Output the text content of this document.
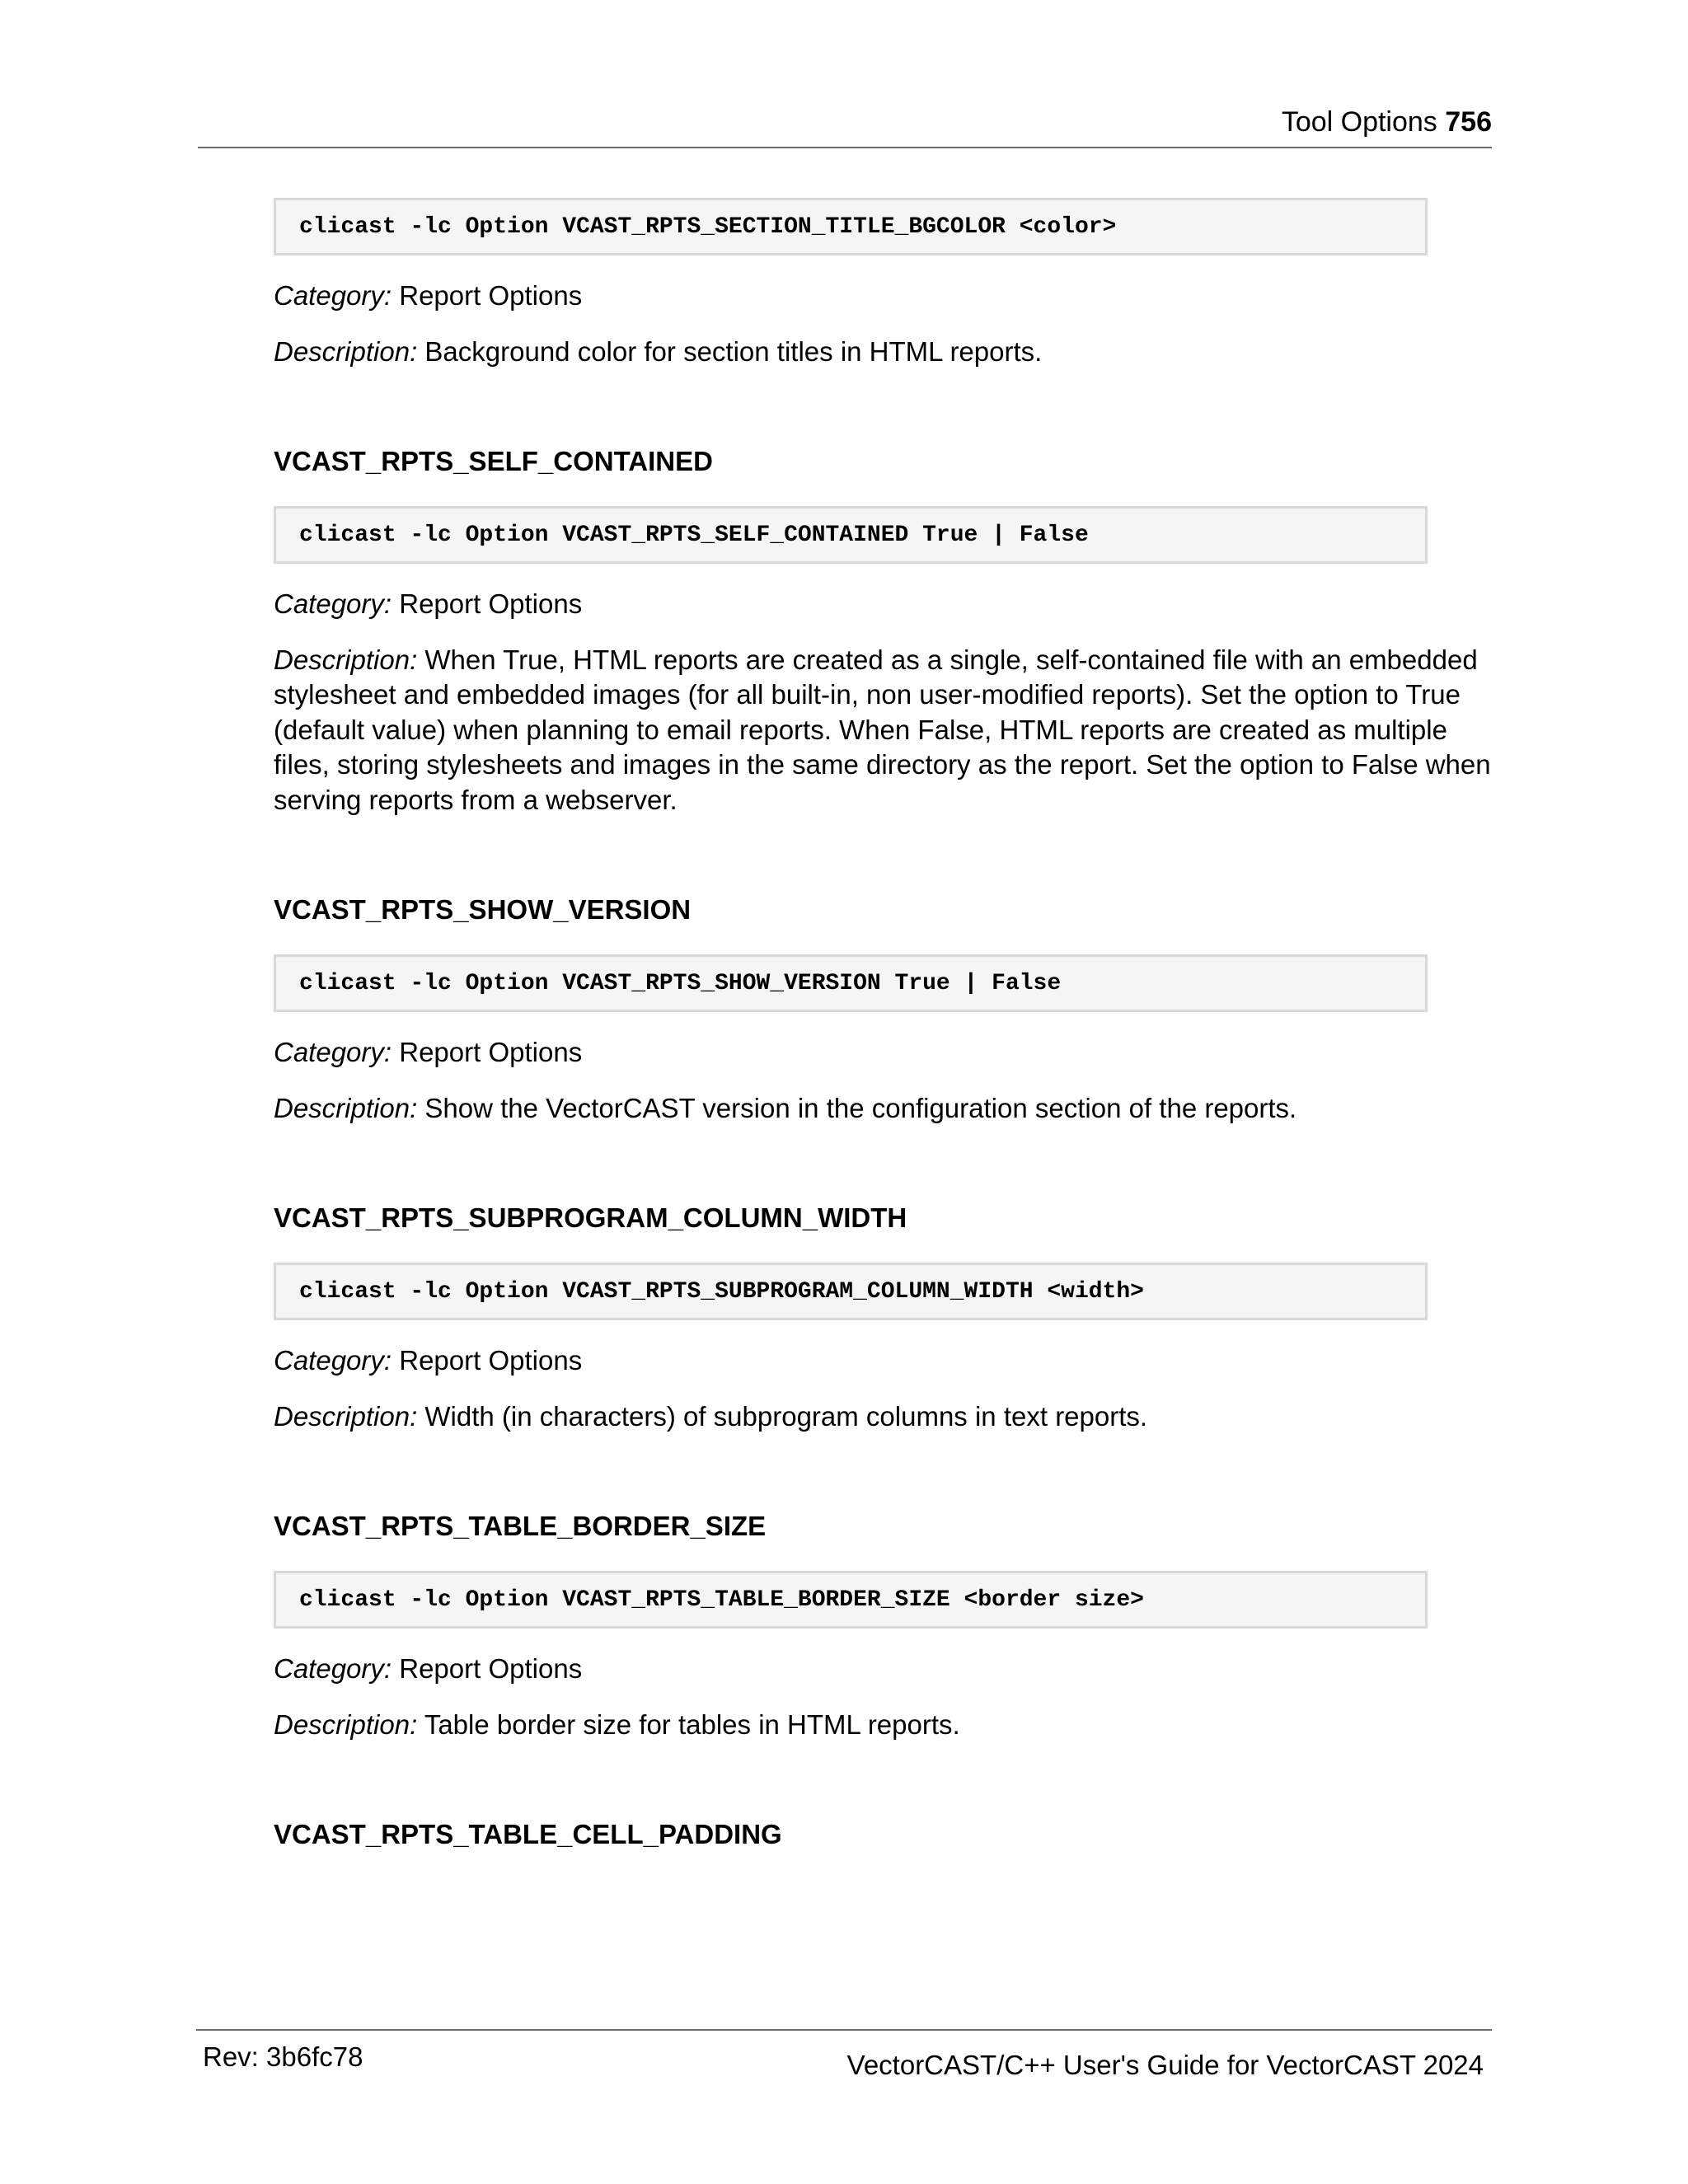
Tool Options 756
clicast -lc Option VCAST_RPTS_SECTION_TITLE_BGCOLOR <color>

Category: Report Options

Description: Background color for section titles in HTML reports.

VCAST_RPTS_SELF_CONTAINED
clicast -lc Option VCAST_RPTS_SELF_CONTAINED True | False

Category: Report Options

Description: When True, HTML reports are created as a single, self-contained file with an embedded stylesheet and embedded images (for all built-in, non user-modified reports). Set the option to True (default value) when planning to email reports. When False, HTML reports are created as multiple files, storing stylesheets and images in the same directory as the report. Set the option to False when serving reports from a webserver.

VCAST_RPTS_SHOW_VERSION
clicast -lc Option VCAST_RPTS_SHOW_VERSION True | False

Category: Report Options

Description: Show the VectorCAST version in the configuration section of the reports.

VCAST_RPTS_SUBPROGRAM_COLUMN_WIDTH
clicast -lc Option VCAST_RPTS_SUBPROGRAM_COLUMN_WIDTH <width>

Category: Report Options

Description: Width (in characters) of subprogram columns in text reports.

VCAST_RPTS_TABLE_BORDER_SIZE
clicast -lc Option VCAST_RPTS_TABLE_BORDER_SIZE <border size>

Category: Report Options

Description: Table border size for tables in HTML reports.

VCAST_RPTS_TABLE_CELL_PADDING
Rev: 3b6fc78	VectorCAST/C++ User's Guide for VectorCAST 2024
